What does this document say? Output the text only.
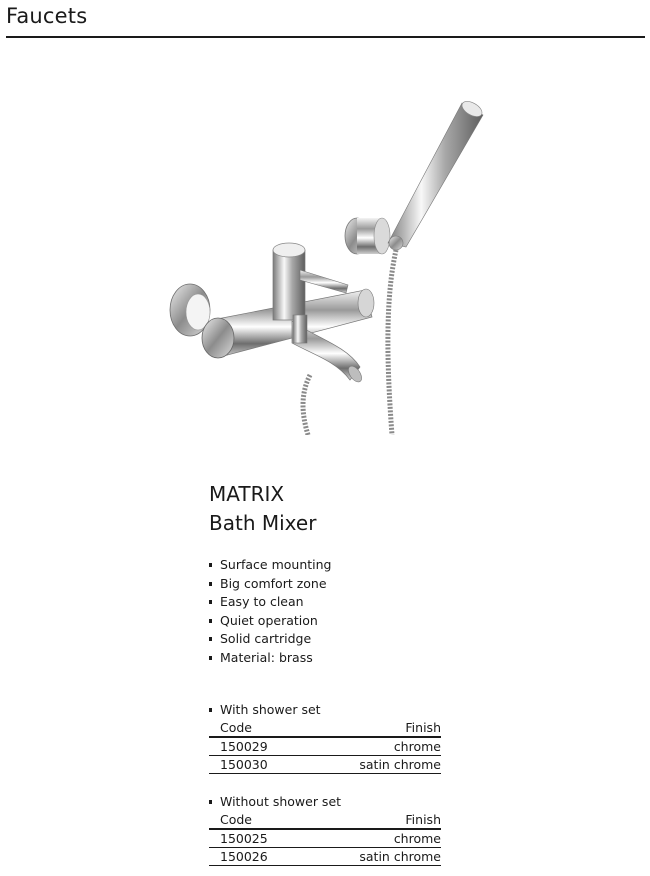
Faucets
MATRIX
Bath Mixer
Surface mounting
Big comfort zone
Easy to clean
Quiet operation
Solid cartridge
Material: brass
With shower set
Code	Finish
150029	chrome
150030	satin chrome
Without shower set
Code	Finish
150025	chrome
150026	satin chrome
